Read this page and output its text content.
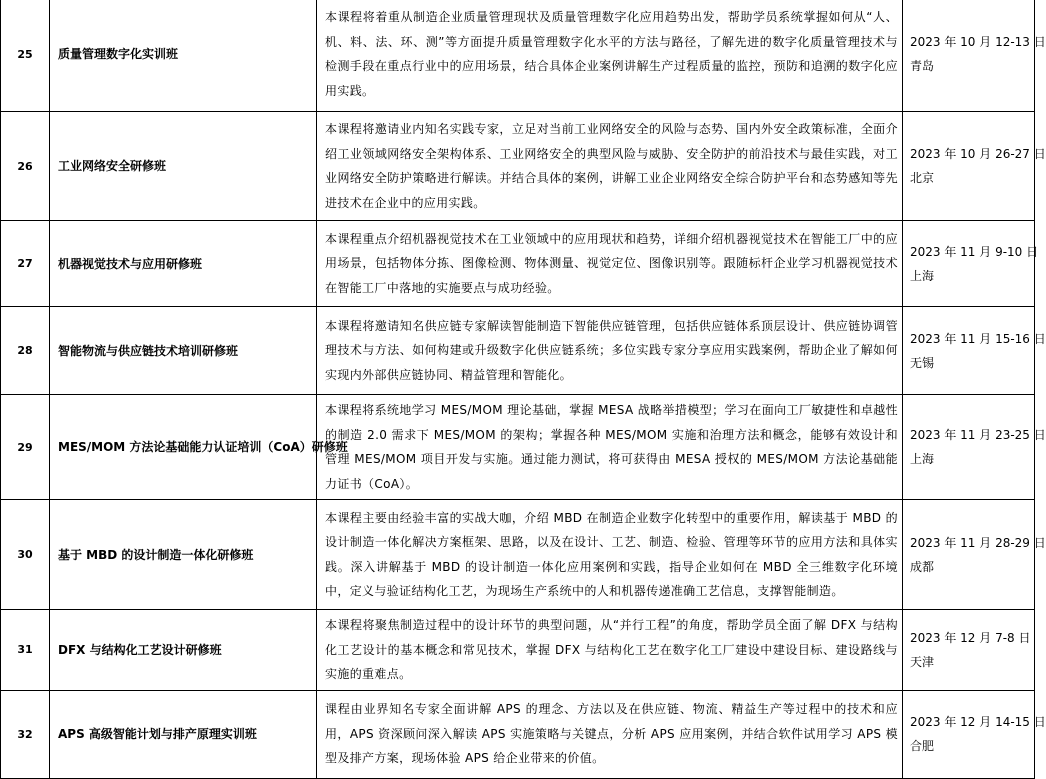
25	质量管理数字化实训班	本课程将着重从制造企业质量管理现状及质量管理数字化应用趋势出发，帮助学员系统掌握如何从“人、机、料、法、环、测”等方面提升质量管理数字化水平的方法与路径，了解先进的数字化质量管理技术与检测手段在重点行业中的应用场景，结合具体企业案例讲解生产过程质量的监控，预防和追溯的数字化应用实践。	2023 年 10 月 12-13 日
青岛

26	工业网络安全研修班	本课程将邀请业内知名实践专家，立足对当前工业网络安全的风险与态势、国内外安全政策标准，全面介绍工业领域网络安全架构体系、工业网络安全的典型风险与威胁、安全防护的前沿技术与最佳实践，对工业网络安全防护策略进行解读。并结合具体的案例，讲解工业企业网络安全综合防护平台和态势感知等先进技术在企业中的应用实践。	2023 年 10 月 26-27 日
北京

27	机器视觉技术与应用研修班	本课程重点介绍机器视觉技术在工业领域中的应用现状和趋势，详细介绍机器视觉技术在智能工厂中的应用场景，包括物体分拣、图像检测、物体测量、视觉定位、图像识别等。跟随标杆企业学习机器视觉技术在智能工厂中落地的实施要点与成功经验。	2023 年 11 月 9-10 日
上海

28	智能物流与供应链技术培训研修班	本课程将邀请知名供应链专家解读智能制造下智能供应链管理，包括供应链体系顶层设计、供应链协调管理技术与方法、如何构建或升级数字化供应链系统；多位实践专家分享应用实践案例，帮助企业了解如何实现内外部供应链协同、精益管理和智能化。	2023 年 11 月 15-16 日
无锡

29	MES/MOM 方法论基础能力认证培训（CoA）研修班	本课程将系统地学习 MES/MOM 理论基础，掌握 MESA 战略举措模型；学习在面向工厂敏捷性和卓越性的制造 2.0 需求下 MES/MOM 的架构；掌握各种 MES/MOM 实施和治理方法和概念，能够有效设计和管理 MES/MOM 项目开发与实施。通过能力测试，将可获得由 MESA 授权的 MES/MOM 方法论基础能力证书（CoA）。	2023 年 11 月 23-25 日
上海

30	基于 MBD 的设计制造一体化研修班	本课程主要由经验丰富的实战大咖，介绍 MBD 在制造企业数字化转型中的重要作用，解读基于 MBD 的设计制造一体化解决方案框架、思路，以及在设计、工艺、制造、检验、管理等环节的应用方法和具体实践。深入讲解基于 MBD 的设计制造一体化应用案例和实践，指导企业如何在 MBD 全三维数字化环境中，定义与验证结构化工艺，为现场生产系统中的人和机器传递准确工艺信息，支撑智能制造。	2023 年 11 月 28-29 日
成都

31	DFX 与结构化工艺设计研修班	本课程将聚焦制造过程中的设计环节的典型问题，从“并行工程”的角度，帮助学员全面了解 DFX 与结构化工艺设计的基本概念和常见技术，掌握 DFX 与结构化工艺在数字化工厂建设中建设目标、建设路线与实施的重难点。	2023 年 12 月 7-8 日
天津

32	APS 高级智能计划与排产原理实训班	课程由业界知名专家全面讲解 APS 的理念、方法以及在供应链、物流、精益生产等过程中的技术和应用，APS 资深顾问深入解读 APS 实施策略与关键点，分析 APS 应用案例，并结合软件试用学习 APS 模型及排产方案，现场体验 APS 给企业带来的价值。	2023 年 12 月 14-15 日
合肥
